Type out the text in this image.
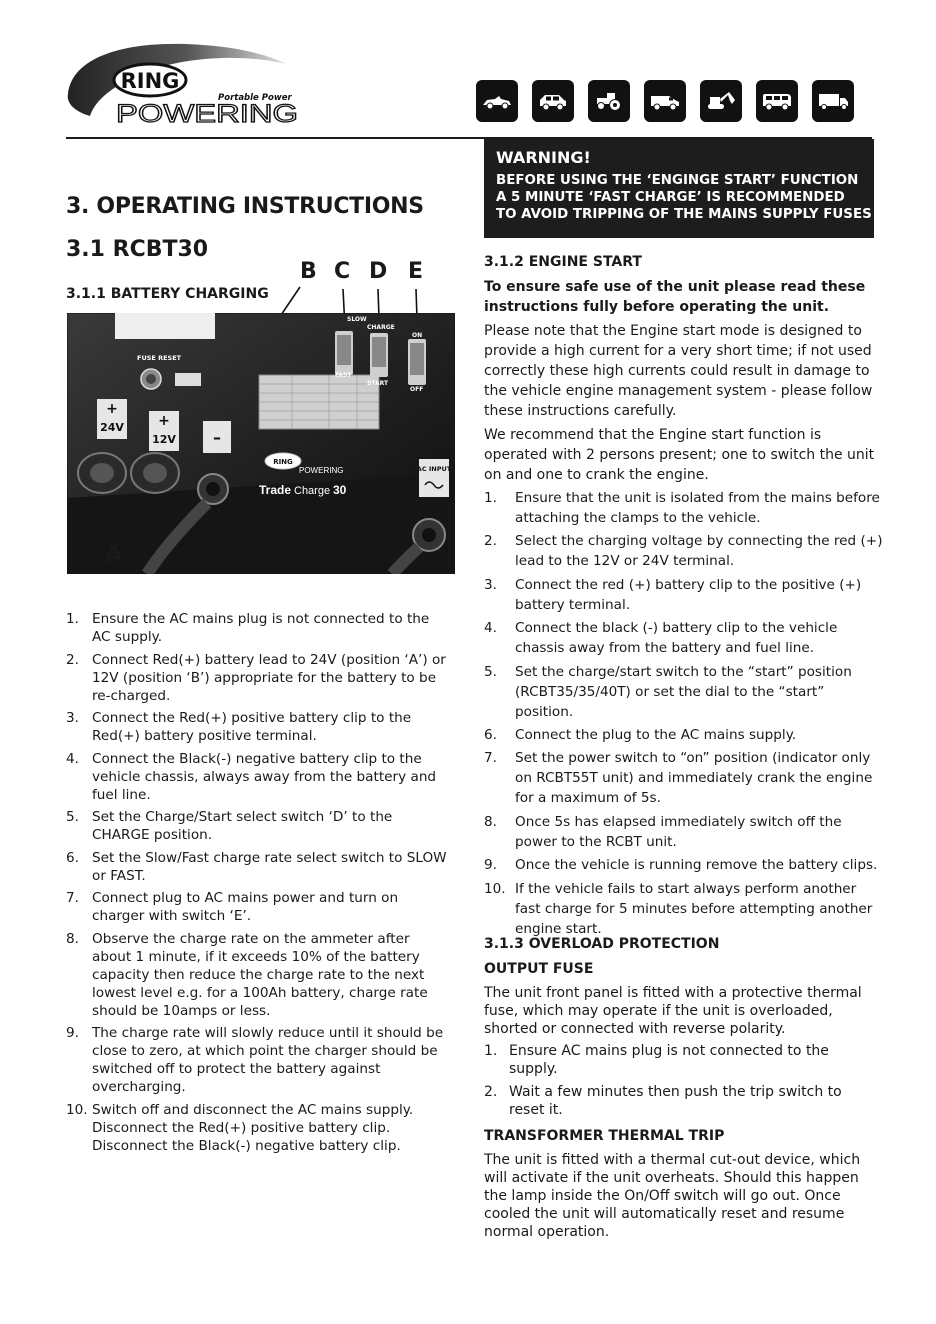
RING
Portable Power
POWERING
3. OPERATING INSTRUCTIONS
3.1 RCBT30
3.1.1 BATTERY CHARGING
B C D E
FUSE RESET
SLOW
FAST
CHARGE
START
ON
OFF
+
24V +
12V –
AC INPUT
RING
POWERING
Trade Charge 30
A
1. Ensure the AC mains plug is not connected to the AC supply.
2. Connect Red(+) battery lead to 24V (position ‘A’) or 12V (position ‘B’) appropriate for the battery to be re-charged.
3. Connect the Red(+) positive battery clip to the Red(+) battery positive terminal.
4. Connect the Black(-) negative battery clip to the vehicle chassis, always away from the battery and fuel line.
5. Set the Charge/Start select switch ‘D’ to the CHARGE position.
6. Set the Slow/Fast charge rate select switch to SLOW or FAST.
7. Connect plug to AC mains power and turn on charger with switch ‘E’.
8. Observe the charge rate on the ammeter after about 1 minute, if it exceeds 10% of the battery capacity then reduce the charge rate to the next lowest level e.g. for a 100Ah battery, charge rate should be 10amps or less.
9. The charge rate will slowly reduce until it should be close to zero, at which point the charger should be switched off to protect the battery against overcharging.
10. Switch off and disconnect the AC mains supply. Disconnect the Red(+) positive battery clip. Disconnect the Black(-) negative battery clip.
WARNING!
BEFORE USING THE ‘ENGINGE START’ FUNCTION
A 5 MINUTE ‘FAST CHARGE’ IS RECOMMENDED
TO AVOID TRIPPING OF THE MAINS SUPPLY FUSES
3.1.2 ENGINE START
To ensure safe use of the unit please read these instructions fully before operating the unit.
Please note that the Engine start mode is designed to provide a high current for a very short time; if not used correctly these high currents could result in damage to the vehicle engine management system - please follow these instructions carefully.
We recommend that the Engine start function is operated with 2 persons present; one to switch the unit on and one to crank the engine.
1. Ensure that the unit is isolated from the mains before attaching the clamps to the vehicle.
2. Select the charging voltage by connecting the red (+) lead to the 12V or 24V terminal.
3. Connect the red (+) battery clip to the positive (+) battery terminal.
4. Connect the black (-) battery clip to the vehicle chassis away from the battery and fuel line.
5. Set the charge/start switch to the “start” position (RCBT35/35/40T) or set the dial to the “start” position.
6. Connect the plug to the AC mains supply.
7. Set the power switch to “on” position (indicator only on RCBT55T unit) and immediately crank the engine for a maximum of 5s.
8. Once 5s has elapsed immediately switch off the power to the RCBT unit.
9. Once the vehicle is running remove the battery clips.
10. If the vehicle fails to start always perform another fast charge for 5 minutes before attempting another engine start.
3.1.3 OVERLOAD PROTECTION
OUTPUT FUSE
The unit front panel is fitted with a protective thermal fuse, which may operate if the unit is overloaded, shorted or connected with reverse polarity.
1. Ensure AC mains plug is not connected to the supply.
2. Wait a few minutes then push the trip switch to reset it.
TRANSFORMER THERMAL TRIP
The unit is fitted with a thermal cut-out device, which will activate if the unit overheats. Should this happen the lamp inside the On/Off switch will go out. Once cooled the unit will automatically reset and resume normal operation.
